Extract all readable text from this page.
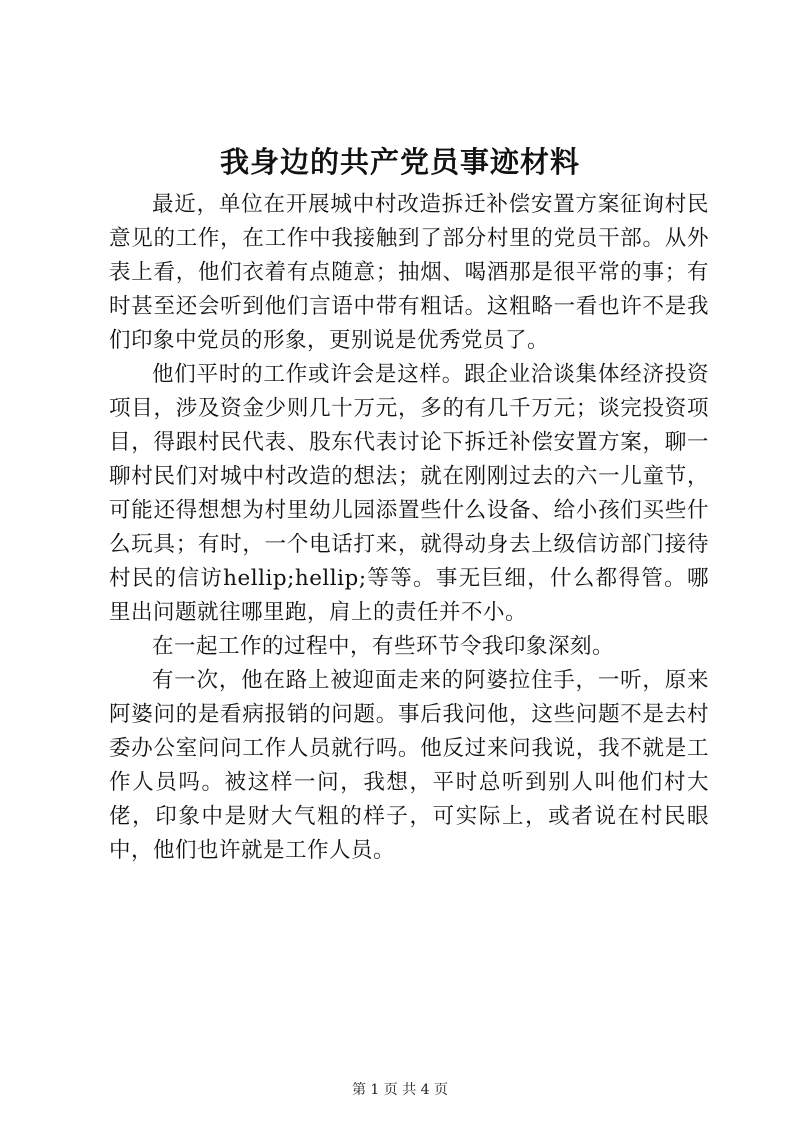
我身边的共产党员事迹材料

最近，单位在开展城中村改造拆迁补偿安置方案征询村民意见的工作，在工作中我接触到了部分村里的党员干部。从外表上看，他们衣着有点随意；抽烟、喝酒那是很平常的事；有时甚至还会听到他们言语中带有粗话。这粗略一看也许不是我们印象中党员的形象，更别说是优秀党员了。

他们平时的工作或许会是这样。跟企业洽谈集体经济投资项目，涉及资金少则几十万元，多的有几千万元；谈完投资项目，得跟村民代表、股东代表讨论下拆迁补偿安置方案，聊一聊村民们对城中村改造的想法；就在刚刚过去的六一儿童节，可能还得想想为村里幼儿园添置些什么设备、给小孩们买些什么玩具；有时，一个电话打来，就得动身去上级信访部门接待村民的信访hellip;hellip;等等。事无巨细，什么都得管。哪里出问题就往哪里跑，肩上的责任并不小。

在一起工作的过程中，有些环节令我印象深刻。

有一次，他在路上被迎面走来的阿婆拉住手，一听，原来阿婆问的是看病报销的问题。事后我问他，这些问题不是去村委办公室问问工作人员就行吗。他反过来问我说，我不就是工作人员吗。被这样一问，我想，平时总听到别人叫他们村大佬，印象中是财大气粗的样子，可实际上，或者说在村民眼中，他们也许就是工作人员。

第 1 页 共 4 页
